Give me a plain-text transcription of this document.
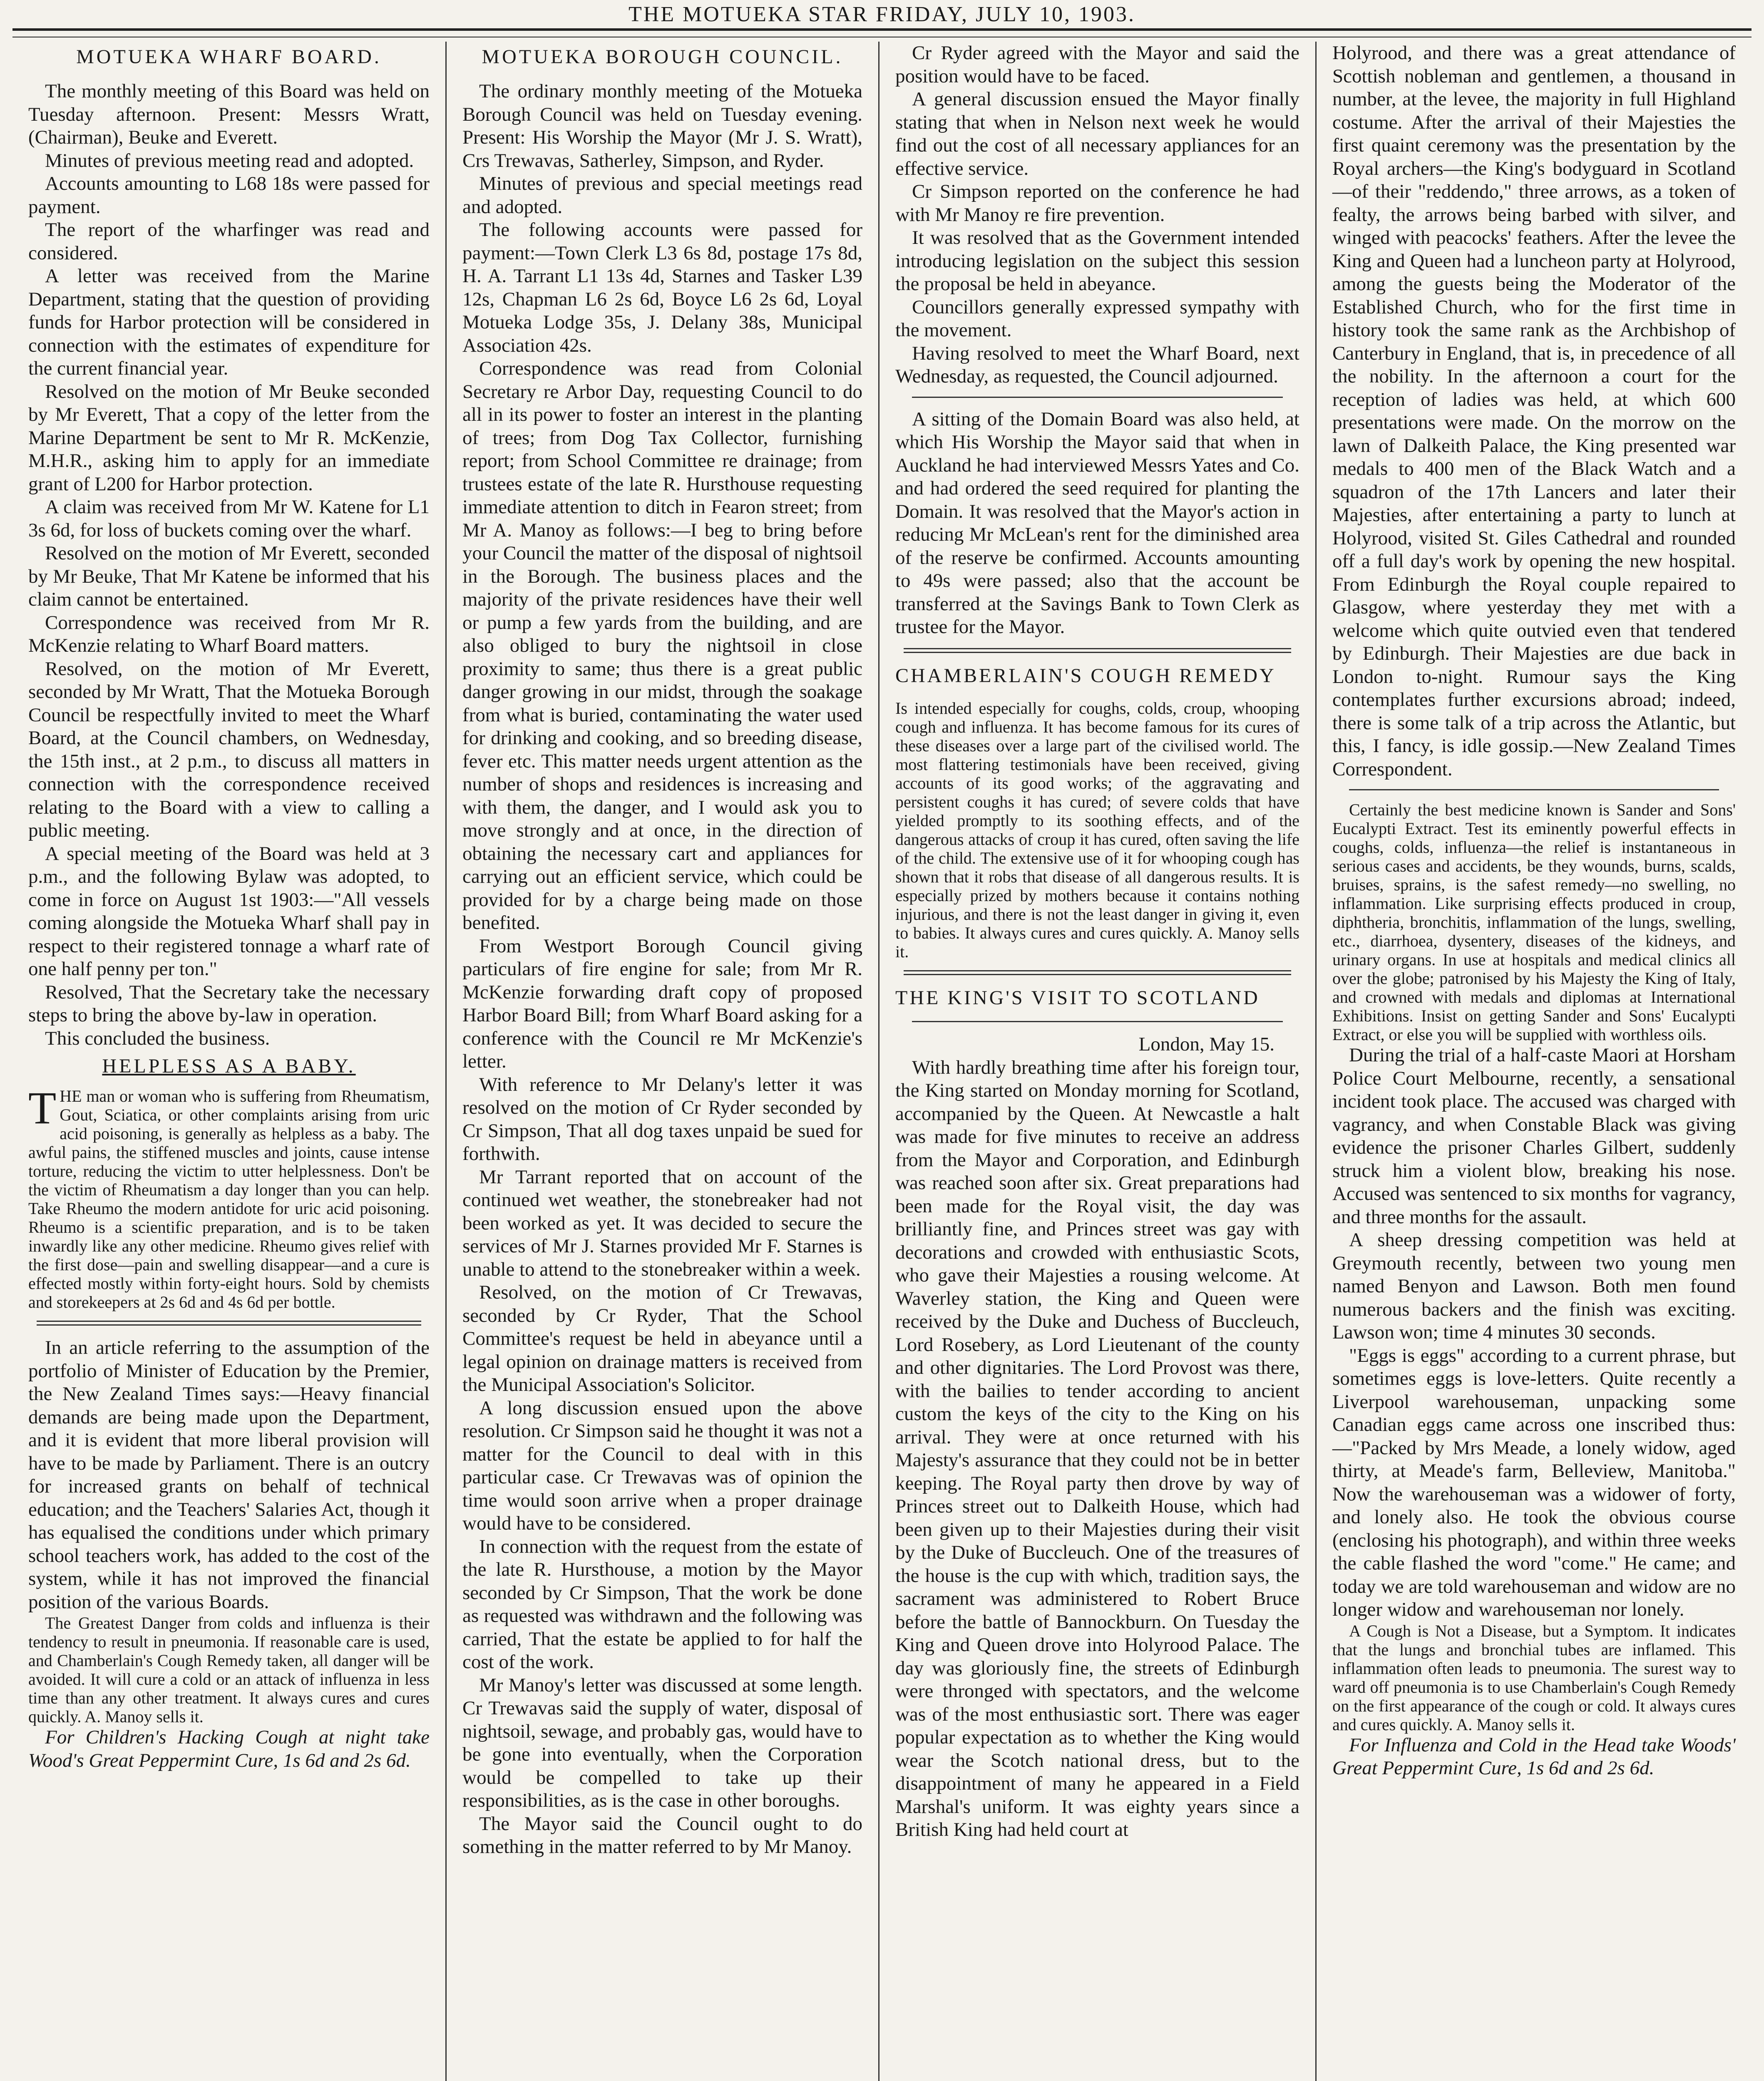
THE MOTUEKA STAR FRIDAY, JULY 10, 1903.
MOTUEKA WHARF BOARD.

The monthly meeting of this Board was held on Tuesday afternoon. Present: Messrs Wratt, (Chairman), Beuke and Everett.

Minutes of previous meeting read and adopted.

Accounts amounting to L68 18s were passed for payment.

The report of the wharfinger was read and considered.

A letter was received from the Marine Department, stating that the question of providing funds for Harbor protection will be considered in connection with the estimates of expenditure for the current financial year.

Resolved on the motion of Mr Beuke seconded by Mr Everett, That a copy of the letter from the Marine Department be sent to Mr R. McKenzie, M.H.R., asking him to apply for an immediate grant of L200 for Harbor protection.

A claim was received from Mr W. Katene for L1 3s 6d, for loss of buckets coming over the wharf.

Resolved on the motion of Mr Everett, seconded by Mr Beuke, That Mr Katene be informed that his claim cannot be entertained.

Correspondence was received from Mr R. McKenzie relating to Wharf Board matters.

Resolved, on the motion of Mr Everett, seconded by Mr Wratt, That the Motueka Borough Council be respectfully invited to meet the Wharf Board, at the Council chambers, on Wednesday, the 15th inst., at 2 p.m., to discuss all matters in connection with the correspondence received relating to the Board with a view to calling a public meeting.

A special meeting of the Board was held at 3 p.m., and the following Bylaw was adopted, to come in force on August 1st 1903:—"All vessels coming alongside the Motueka Wharf shall pay in respect to their registered tonnage a wharf rate of one half penny per ton."

Resolved, That the Secretary take the necessary steps to bring the above by-law in operation.

This concluded the business.

HELPLESS AS A BABY.

THE man or woman who is suffering from Rheumatism, Gout, Sciatica, or other complaints arising from uric acid poisoning, is generally as helpless as a baby. The awful pains, the stiffened muscles and joints, cause intense torture, reducing the victim to utter helplessness. Don't be the victim of Rheumatism a day longer than you can help. Take Rheumo the modern antidote for uric acid poisoning. Rheumo is a scientific preparation, and is to be taken inwardly like any other medicine. Rheumo gives relief with the first dose—pain and swelling disappear—and a cure is effected mostly within forty-eight hours. Sold by chemists and storekeepers at 2s 6d and 4s 6d per bottle.

In an article referring to the assumption of the portfolio of Minister of Education by the Premier, the New Zealand Times says:—Heavy financial demands are being made upon the Department, and it is evident that more liberal provision will have to be made by Parliament. There is an outcry for increased grants on behalf of technical education; and the Teachers' Salaries Act, though it has equalised the conditions under which primary school teachers work, has added to the cost of the system, while it has not improved the financial position of the various Boards.

The Greatest Danger from colds and influenza is their tendency to result in pneumonia. If reasonable care is used, and Chamberlain's Cough Remedy taken, all danger will be avoided. It will cure a cold or an attack of influenza in less time than any other treatment. It always cures and cures quickly. A. Manoy sells it.

For Children's Hacking Cough at night take Wood's Great Peppermint Cure, 1s 6d and 2s 6d.

MOTUEKA BOROUGH COUNCIL.

The ordinary monthly meeting of the Motueka Borough Council was held on Tuesday evening. Present: His Worship the Mayor (Mr J. S. Wratt), Crs Trewavas, Satherley, Simpson, and Ryder.

Minutes of previous and special meetings read and adopted.

The following accounts were passed for payment:—Town Clerk L3 6s 8d, postage 17s 8d, H. A. Tarrant L1 13s 4d, Starnes and Tasker L39 12s, Chapman L6 2s 6d, Boyce L6 2s 6d, Loyal Motueka Lodge 35s, J. Delany 38s, Municipal Association 42s.

Correspondence was read from Colonial Secretary re Arbor Day, requesting Council to do all in its power to foster an interest in the planting of trees; from Dog Tax Collector, furnishing report; from School Committee re drainage; from trustees estate of the late R. Hursthouse requesting immediate attention to ditch in Fearon street; from Mr A. Manoy as follows:—I beg to bring before your Council the matter of the disposal of nightsoil in the Borough. The business places and the majority of the private residences have their well or pump a few yards from the building, and are also obliged to bury the nightsoil in close proximity to same; thus there is a great public danger growing in our midst, through the soakage from what is buried, contaminating the water used for drinking and cooking, and so breeding disease, fever etc. This matter needs urgent attention as the number of shops and residences is increasing and with them, the danger, and I would ask you to move strongly and at once, in the direction of obtaining the necessary cart and appliances for carrying out an efficient service, which could be provided for by a charge being made on those benefited.

From Westport Borough Council giving particulars of fire engine for sale; from Mr R. McKenzie forwarding draft copy of proposed Harbor Board Bill; from Wharf Board asking for a conference with the Council re Mr McKenzie's letter.

With reference to Mr Delany's letter it was resolved on the motion of Cr Ryder seconded by Cr Simpson, That all dog taxes unpaid be sued for forthwith.

Mr Tarrant reported that on account of the continued wet weather, the stonebreaker had not been worked as yet. It was decided to secure the services of Mr J. Starnes provided Mr F. Starnes is unable to attend to the stonebreaker within a week.

Resolved, on the motion of Cr Trewavas, seconded by Cr Ryder, That the School Committee's request be held in abeyance until a legal opinion on drainage matters is received from the Municipal Association's Solicitor.

A long discussion ensued upon the above resolution. Cr Simpson said he thought it was not a matter for the Council to deal with in this particular case. Cr Trewavas was of opinion the time would soon arrive when a proper drainage would have to be considered.

In connection with the request from the estate of the late R. Hursthouse, a motion by the Mayor seconded by Cr Simpson, That the work be done as requested was withdrawn and the following was carried, That the estate be applied to for half the cost of the work.

Mr Manoy's letter was discussed at some length. Cr Trewavas said the supply of water, disposal of nightsoil, sewage, and probably gas, would have to be gone into eventually, when the Corporation would be compelled to take up their responsibilities, as is the case in other boroughs.

The Mayor said the Council ought to do something in the matter referred to by Mr Manoy.

Cr Ryder agreed with the Mayor and said the position would have to be faced.

A general discussion ensued the Mayor finally stating that when in Nelson next week he would find out the cost of all necessary appliances for an effective service.

Cr Simpson reported on the conference he had with Mr Manoy re fire prevention.

It was resolved that as the Government intended introducing legislation on the subject this session the proposal be held in abeyance.

Councillors generally expressed sympathy with the movement.

Having resolved to meet the Wharf Board, next Wednesday, as requested, the Council adjourned.

A sitting of the Domain Board was also held, at which His Worship the Mayor said that when in Auckland he had interviewed Messrs Yates and Co. and had ordered the seed required for planting the Domain. It was resolved that the Mayor's action in reducing Mr McLean's rent for the diminished area of the reserve be confirmed. Accounts amounting to 49s were passed; also that the account be transferred at the Savings Bank to Town Clerk as trustee for the Mayor.

CHAMBERLAIN'S COUGH REMEDY

Is intended especially for coughs, colds, croup, whooping cough and influenza. It has become famous for its cures of these diseases over a large part of the civilised world. The most flattering testimonials have been received, giving accounts of its good works; of the aggravating and persistent coughs it has cured; of severe colds that have yielded promptly to its soothing effects, and of the dangerous attacks of croup it has cured, often saving the life of the child. The extensive use of it for whooping cough has shown that it robs that disease of all dangerous results. It is especially prized by mothers because it contains nothing injurious, and there is not the least danger in giving it, even to babies. It always cures and cures quickly. A. Manoy sells it.

THE KING'S VISIT TO SCOTLAND
London, May 15.

With hardly breathing time after his foreign tour, the King started on Monday morning for Scotland, accompanied by the Queen. At Newcastle a halt was made for five minutes to receive an address from the Mayor and Corporation, and Edinburgh was reached soon after six. Great preparations had been made for the Royal visit, the day was brilliantly fine, and Princes street was gay with decorations and crowded with enthusiastic Scots, who gave their Majesties a rousing welcome. At Waverley station, the King and Queen were received by the Duke and Duchess of Buccleuch, Lord Rosebery, as Lord Lieutenant of the county and other dignitaries. The Lord Provost was there, with the bailies to tender according to ancient custom the keys of the city to the King on his arrival. They were at once returned with his Majesty's assurance that they could not be in better keeping. The Royal party then drove by way of Princes street out to Dalkeith House, which had been given up to their Majesties during their visit by the Duke of Buccleuch. One of the treasures of the house is the cup with which, tradition says, the sacrament was administered to Robert Bruce before the battle of Bannockburn. On Tuesday the King and Queen drove into Holyrood Palace. The day was gloriously fine, the streets of Edinburgh were thronged with spectators, and the welcome was of the most enthusiastic sort. There was eager popular expectation as to whether the King would wear the Scotch national dress, but to the disappointment of many he appeared in a Field Marshal's uniform. It was eighty years since a British King had held court at

Holyrood, and there was a great attendance of Scottish nobleman and gentlemen, a thousand in number, at the levee, the majority in full Highland costume. After the arrival of their Majesties the first quaint ceremony was the presentation by the Royal archers—the King's bodyguard in Scotland—of their "reddendo," three arrows, as a token of fealty, the arrows being barbed with silver, and winged with peacocks' feathers. After the levee the King and Queen had a luncheon party at Holyrood, among the guests being the Moderator of the Established Church, who for the first time in history took the same rank as the Archbishop of Canterbury in England, that is, in precedence of all the nobility. In the afternoon a court for the reception of ladies was held, at which 600 presentations were made. On the morrow on the lawn of Dalkeith Palace, the King presented war medals to 400 men of the Black Watch and a squadron of the 17th Lancers and later their Majesties, after entertaining a party to lunch at Holyrood, visited St. Giles Cathedral and rounded off a full day's work by opening the new hospital. From Edinburgh the Royal couple repaired to Glasgow, where yesterday they met with a welcome which quite outvied even that tendered by Edinburgh. Their Majesties are due back in London to-night. Rumour says the King contemplates further excursions abroad; indeed, there is some talk of a trip across the Atlantic, but this, I fancy, is idle gossip.—New Zealand Times Correspondent.

Certainly the best medicine known is Sander and Sons' Eucalypti Extract. Test its eminently powerful effects in coughs, colds, influenza—the relief is instantaneous in serious cases and accidents, be they wounds, burns, scalds, bruises, sprains, is the safest remedy—no swelling, no inflammation. Like surprising effects produced in croup, diphtheria, bronchitis, inflammation of the lungs, swelling, etc., diarrhoea, dysentery, diseases of the kidneys, and urinary organs. In use at hospitals and medical clinics all over the globe; patronised by his Majesty the King of Italy, and crowned with medals and diplomas at International Exhibitions. Insist on getting Sander and Sons' Eucalypti Extract, or else you will be supplied with worthless oils.

During the trial of a half-caste Maori at Horsham Police Court Melbourne, recently, a sensational incident took place. The accused was charged with vagrancy, and when Constable Black was giving evidence the prisoner Charles Gilbert, suddenly struck him a violent blow, breaking his nose. Accused was sentenced to six months for vagrancy, and three months for the assault.

A sheep dressing competition was held at Greymouth recently, between two young men named Benyon and Lawson. Both men found numerous backers and the finish was exciting. Lawson won; time 4 minutes 30 seconds.

"Eggs is eggs" according to a current phrase, but sometimes eggs is love-letters. Quite recently a Liverpool warehouseman, unpacking some Canadian eggs came across one inscribed thus:—"Packed by Mrs Meade, a lonely widow, aged thirty, at Meade's farm, Belleview, Manitoba." Now the warehouseman was a widower of forty, and lonely also. He took the obvious course (enclosing his photograph), and within three weeks the cable flashed the word "come." He came; and today we are told warehouseman and widow are no longer widow and warehouseman nor lonely.

A Cough is Not a Disease, but a Symptom. It indicates that the lungs and bronchial tubes are inflamed. This inflammation often leads to pneumonia. The surest way to ward off pneumonia is to use Chamberlain's Cough Remedy on the first appearance of the cough or cold. It always cures and cures quickly. A. Manoy sells it.

For Influenza and Cold in the Head take Woods' Great Peppermint Cure, 1s 6d and 2s 6d.
